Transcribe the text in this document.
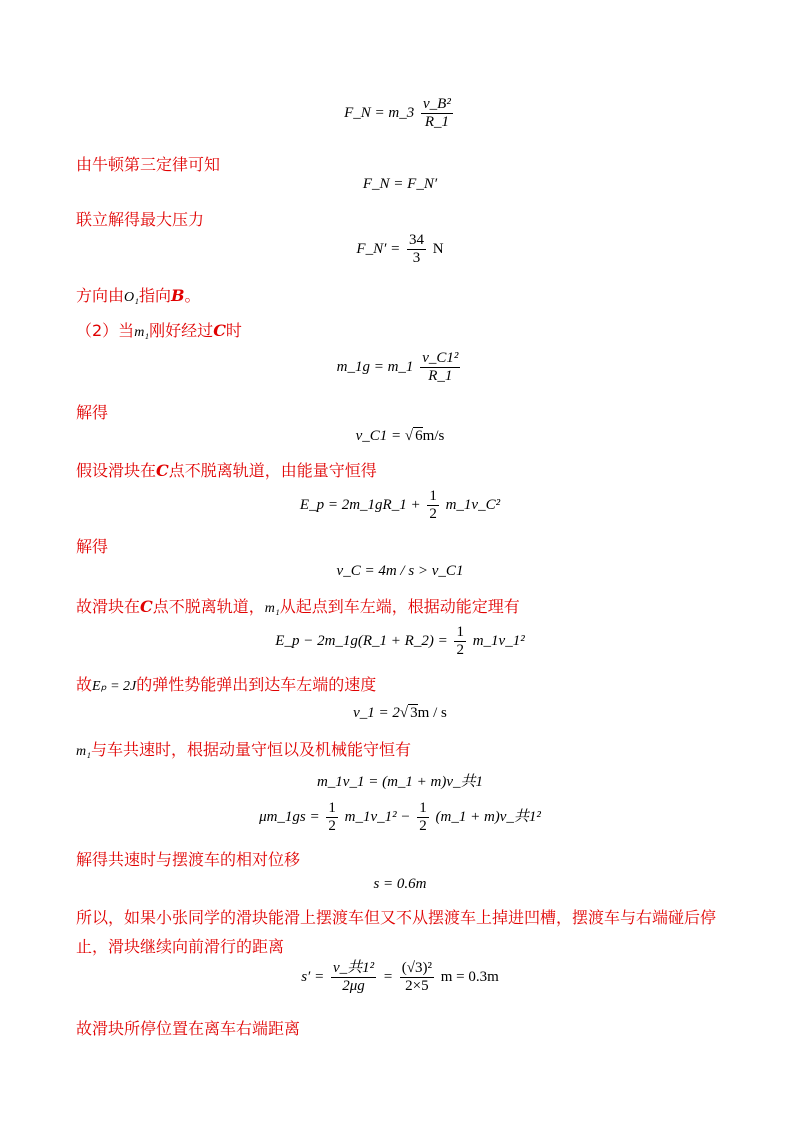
F_N = m_3 $\frac{\text{v\_B²}}{R\_1}$
由牛顿第三定律可知
F_N = F_N′
联立解得最大压力
F_N′ = $\frac{34}{3}$ N
方向由O₁指向B。
（2）当m₁刚好经过C时
m_1g = m_1 $\frac{\text{v\_C1²}}{R\_1}$
解得
v_C1 = √ 6m/s
假设滑块在C点不脱离轨道，由能量守恒得
E_p = 2m_1gR_1 + $\frac{1}{2}$ m_1v_C²
解得
v_C = 4m / s > v_C1
故滑块在C点不脱离轨道，m₁从起点到车左端，根据动能定理有
E_p − 2m_1g(R_1 + R_2) = $\frac{1}{2}$ m_1v_1²
故Eₚ = 2J的弹性势能弹出到达车左端的速度
v_1 = 2√ 3m / s
m₁与车共速时，根据动量守恒以及机械能守恒有
m_1v_1 = (m_1 + m)v_共1
μm_1gs = $\frac{1}{2}$ m_1v_1² − $\frac{1}{2}$ (m_1 + m)v_共1²
解得共速时与摆渡车的相对位移
s = 0.6m
所以，如果小张同学的滑块能滑上摆渡车但又不从摆渡车上掉进凹槽，摆渡车与右端碰后停
止，滑块继续向前滑行的距离
$s' = \frac{\text{v\_共1²}}{2\mu g} = \frac{\text{(√3)²}}{2\times 5}$ m = 0.3m
故滑块所停位置在离车右端距离
